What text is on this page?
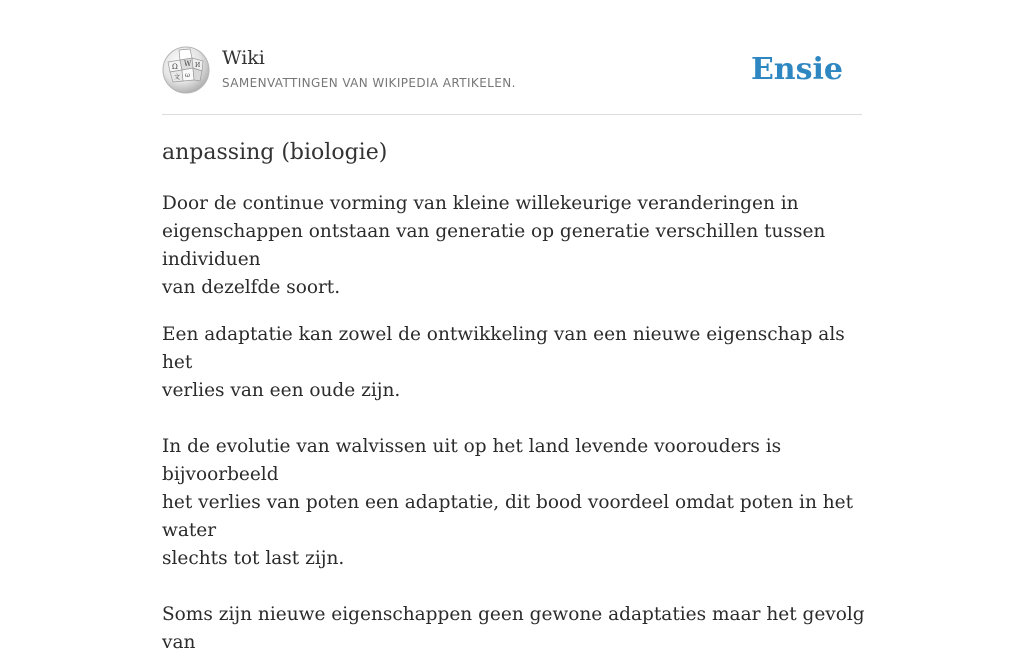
Ω W И
ω
文
Wiki
SAMENVATTINGEN VAN WIKIPEDIA ARTIKELEN.	Ensie
anpassing (biologie)

Door de continue vorming van kleine willekeurige veranderingen in
eigenschappen ontstaan van generatie op generatie verschillen tussen individuen
van dezelfde soort.

Een adaptatie kan zowel de ontwikkeling van een nieuwe eigenschap als het
verlies van een oude zijn.

In de evolutie van walvissen uit op het land levende voorouders is bijvoorbeeld
het verlies van poten een adaptatie, dit bood voordeel omdat poten in het water
slechts tot last zijn.

Soms zijn nieuwe eigenschappen geen gewone adaptaties maar het gevolg van
